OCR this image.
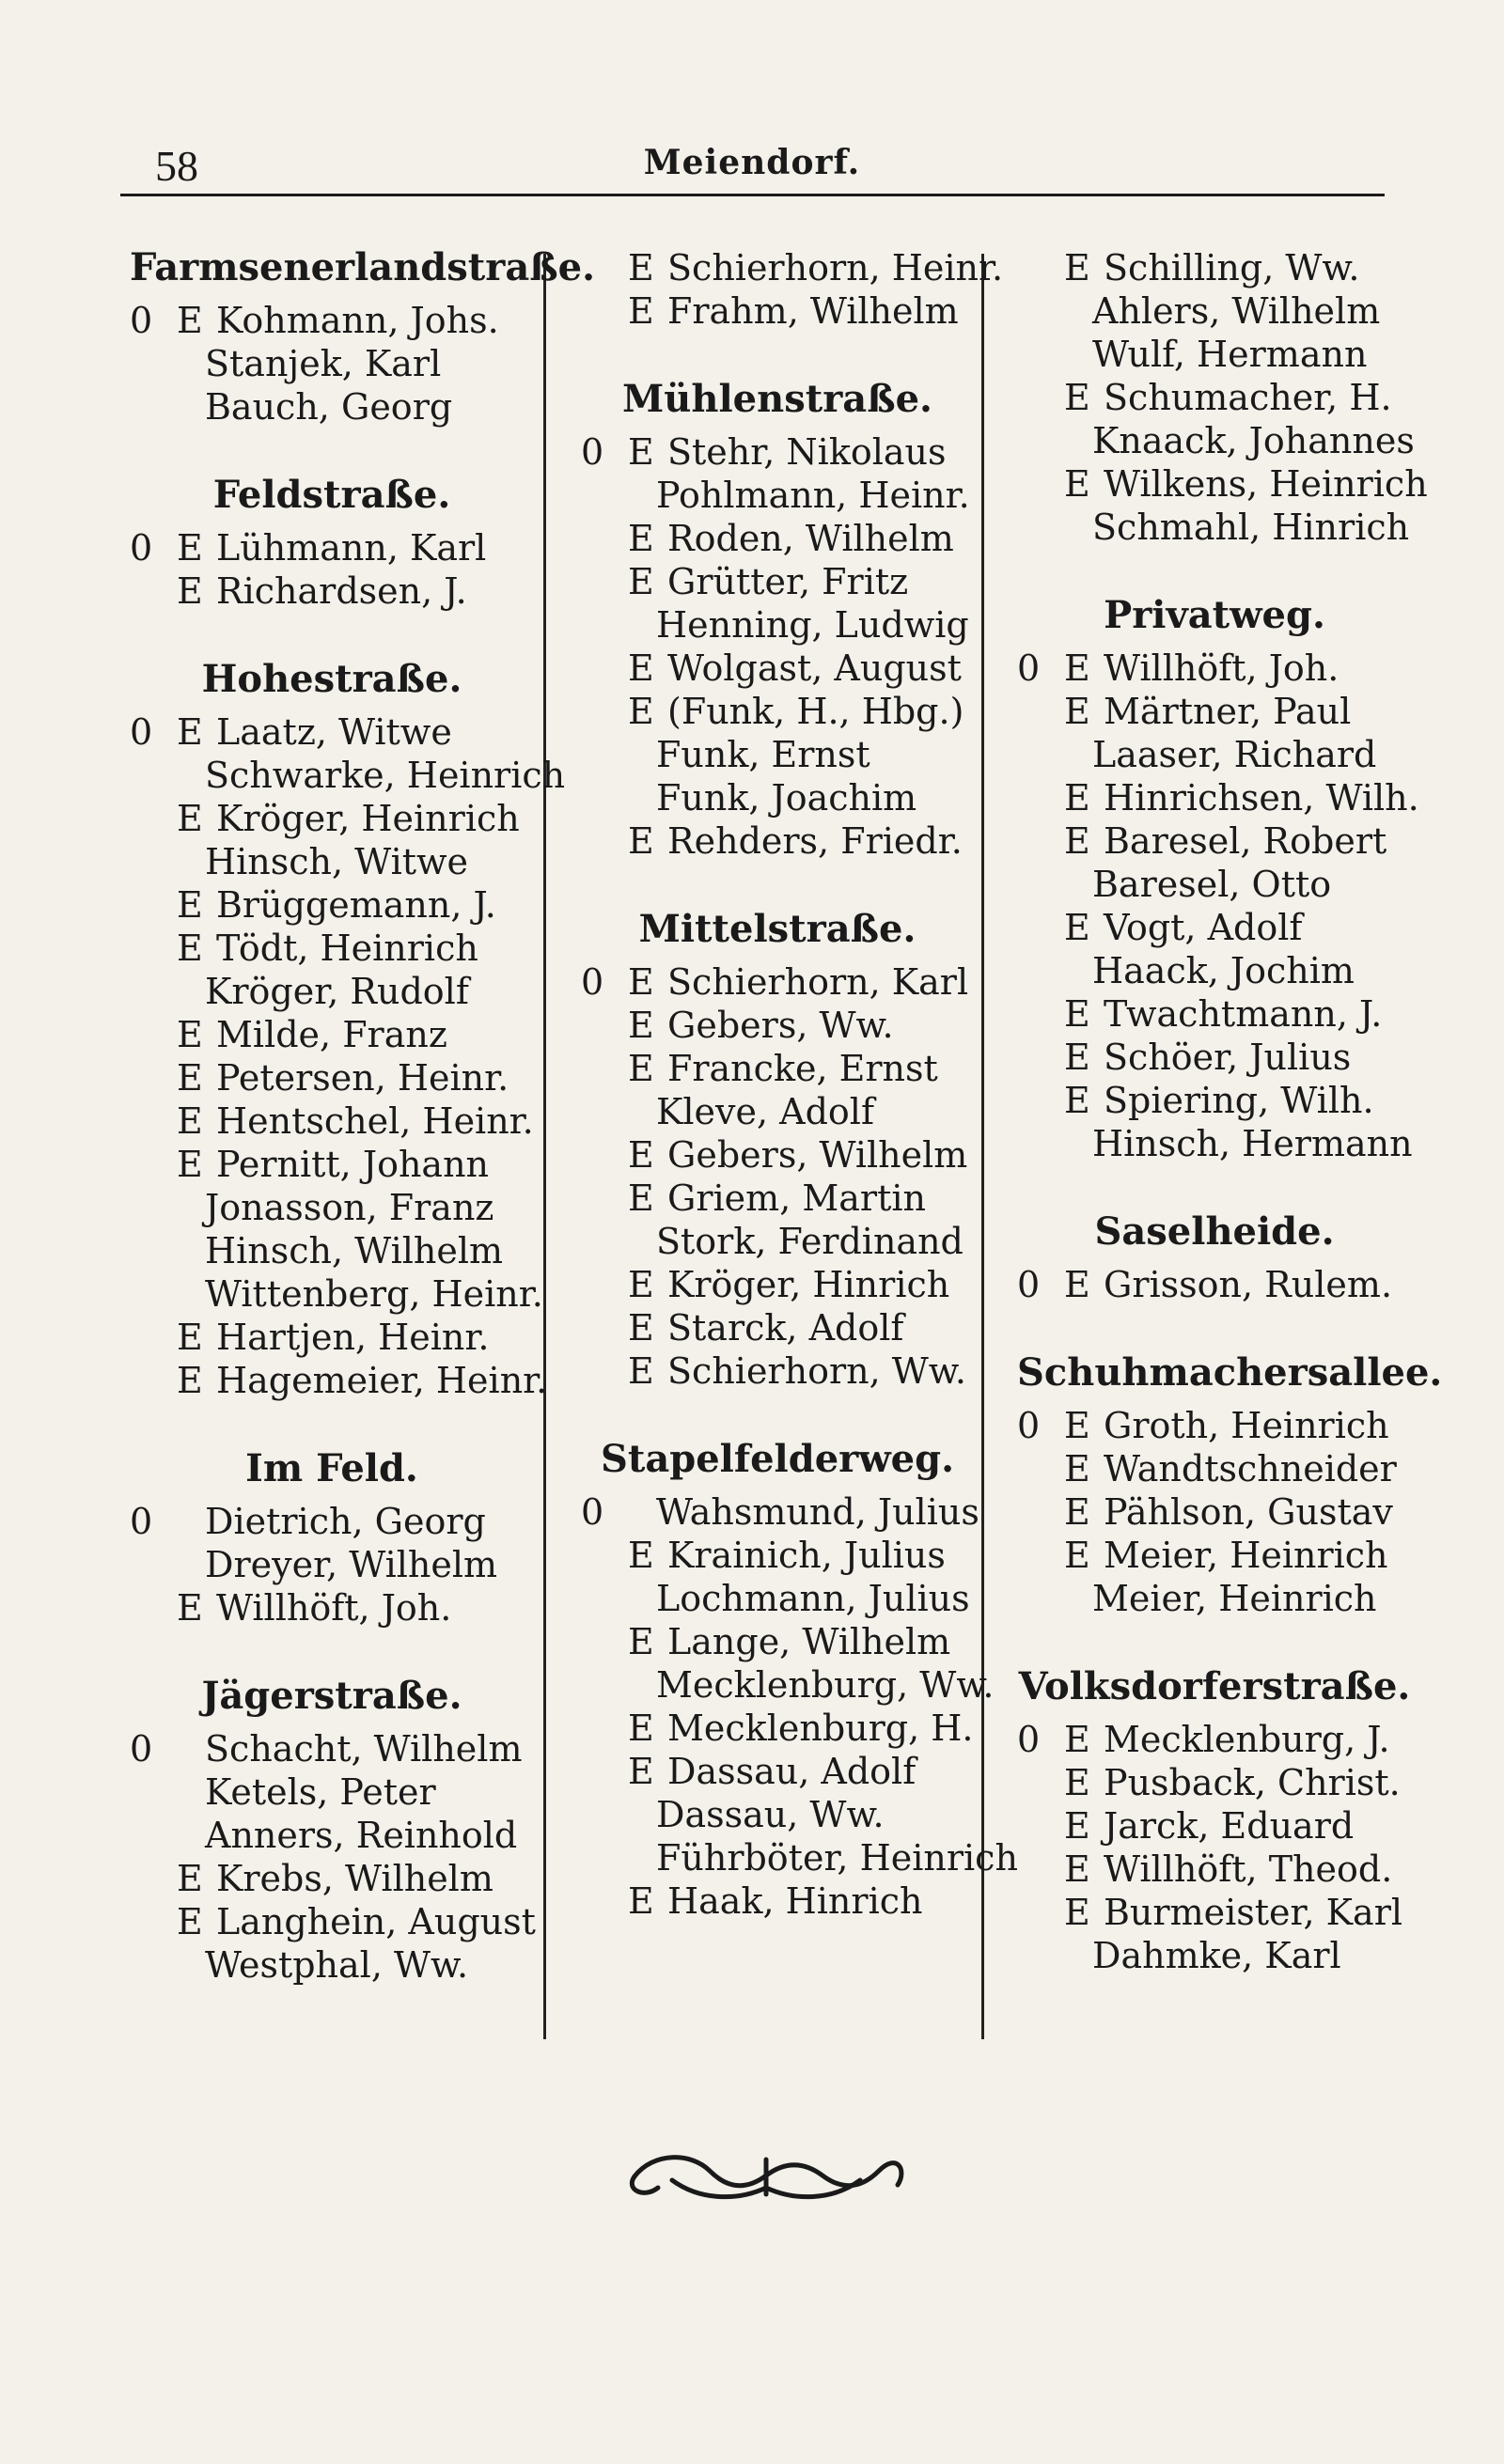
58	Meiendorf.
Farmsenerlandstraße.
0 E Kohmann, Johs.
Stanjek, Karl
Bauch, Georg
Feldstraße.
0 E Lühmann, Karl
E Richardsen, J.
Hohestraße.
0 E Laatz, Witwe
Schwarke, Heinrich
E Kröger, Heinrich
Hinsch, Witwe
E Brüggemann, J.
E Tödt, Heinrich
Kröger, Rudolf
E Milde, Franz
E Petersen, Heinr.
E Hentschel, Heinr.
E Pernitt, Johann
Jonasson, Franz
Hinsch, Wilhelm
Wittenberg, Heinr.
E Hartjen, Heinr.
E Hagemeier, Heinr.
Im Feld.
0	Dietrich, Georg
Dreyer, Wilhelm
E Willhöft, Joh.
Jägerstraße.
0	Schacht, Wilhelm
Ketels, Peter
Anners, Reinhold
E Krebs, Wilhelm
E Langhein, August
Westphal, Ww.
E Schierhorn, Heinr.
E Frahm, Wilhelm
Mühlenstraße.
0 E Stehr, Nikolaus
Pohlmann, Heinr.
E Roden, Wilhelm
E Grütter, Fritz
Henning, Ludwig
E Wolgast, August
E (Funk, H., Hbg.)
Funk, Ernst
Funk, Joachim
E Rehders, Friedr.
Mittelstraße.
0 E Schierhorn, Karl
E Gebers, Ww.
E Francke, Ernst
Kleve, Adolf
E Gebers, Wilhelm
E Griem, Martin
Stork, Ferdinand
E Kröger, Hinrich
E Starck, Adolf
E Schierhorn, Ww.
Stapelfelderweg.
0	Wahsmund, Julius
E Krainich, Julius
Lochmann, Julius
E Lange, Wilhelm
Mecklenburg, Ww.
E Mecklenburg, H.
E Dassau, Adolf
Dassau, Ww.
Führböter, Heinrich
E Haak, Hinrich
E Schilling, Ww.
Ahlers, Wilhelm
Wulf, Hermann
E Schumacher, H.
Knaack, Johannes
E Wilkens, Heinrich
Schmahl, Hinrich
Privatweg.
0 E Willhöft, Joh.
E Märtner, Paul
Laaser, Richard
E Hinrichsen, Wilh.
E Baresel, Robert
Baresel, Otto
E Vogt, Adolf
Haack, Jochim
E Twachtmann, J.
E Schöer, Julius
E Spiering, Wilh.
Hinsch, Hermann
Saselheide.
0 E Grisson, Rulem.
Schuhmachersallee.
0 E Groth, Heinrich
E Wandtschneider
E Pählson, Gustav
E Meier, Heinrich
Meier, Heinrich
Volksdorferstraße.
0 E Mecklenburg, J.
E Pusback, Christ.
E Jarck, Eduard
E Willhöft, Theod.
E Burmeister, Karl
Dahmke, Karl
